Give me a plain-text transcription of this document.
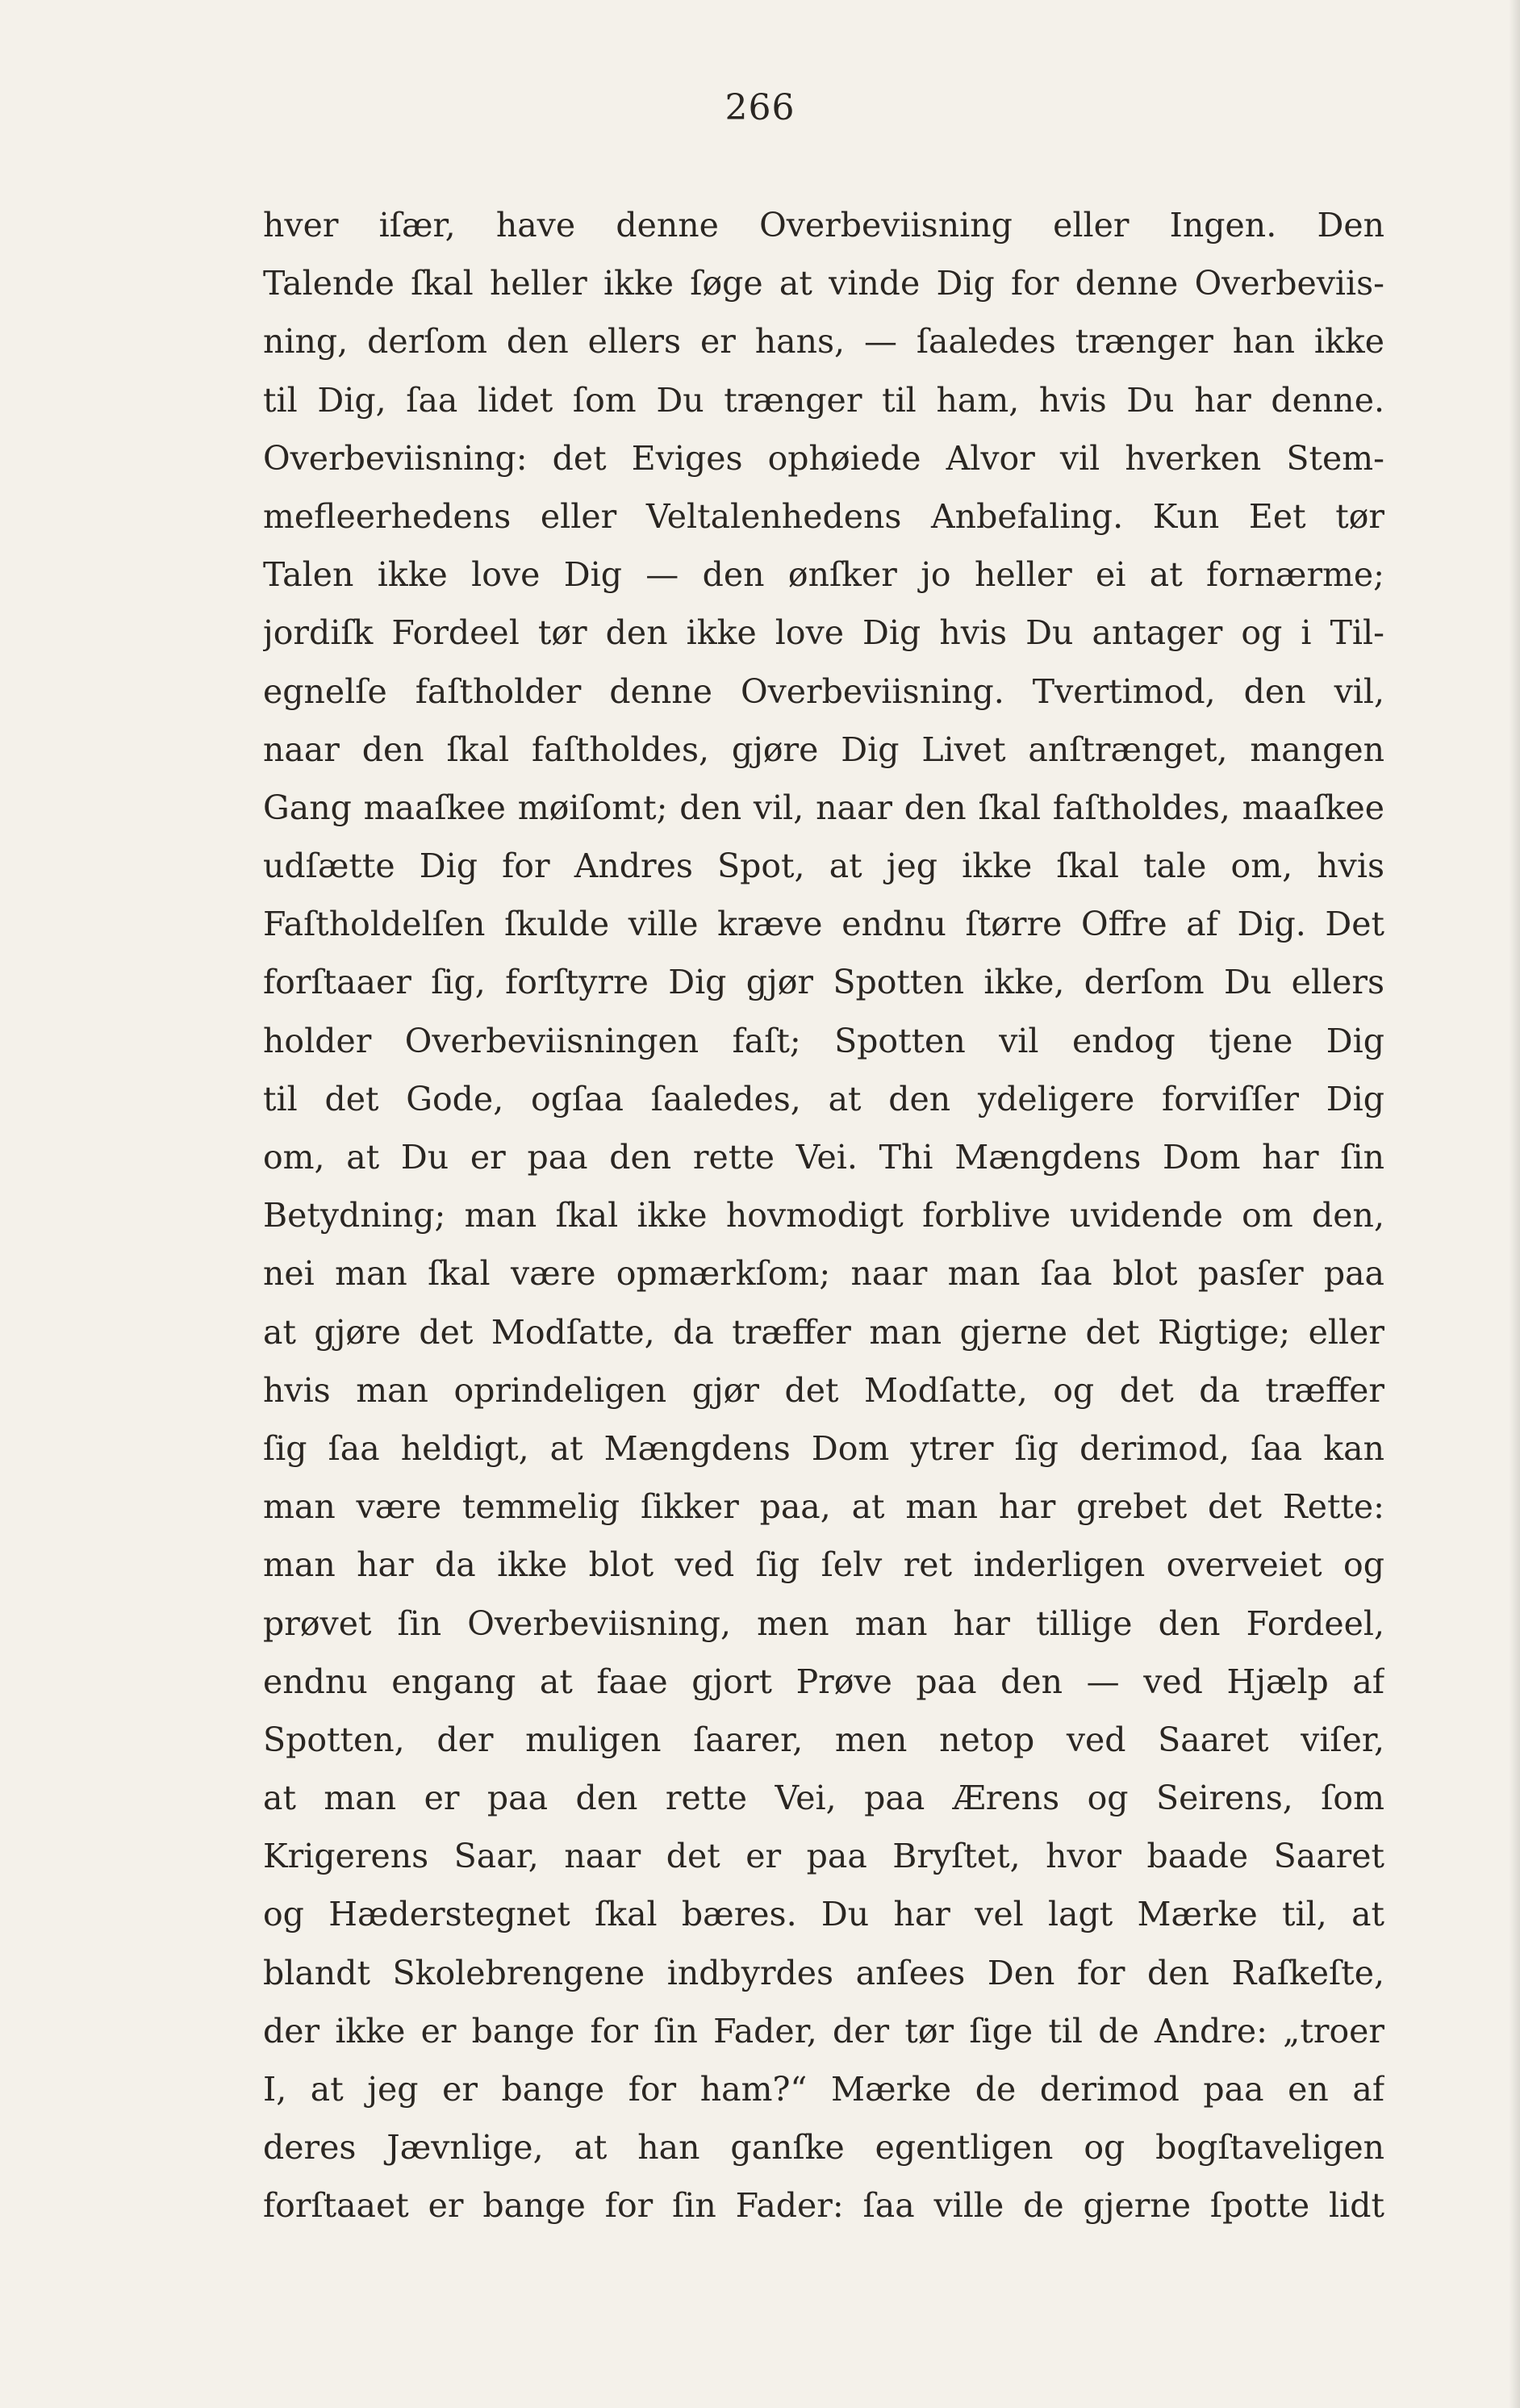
266
hver iſær, have denne Overbeviisning eller Ingen. Den
Talende ſkal heller ikke ſøge at vinde Dig for denne Overbeviis-
ning, derſom den ellers er hans, — ſaaledes trænger han ikke
til Dig, ſaa lidet ſom Du trænger til ham, hvis Du har denne.
Overbeviisning: det Eviges ophøiede Alvor vil hverken Stem-
mefleerhedens eller Veltalenhedens Anbefaling. Kun Eet tør
Talen ikke love Dig — den ønſker jo heller ei at fornærme;
jordiſk Fordeel tør den ikke love Dig hvis Du antager og i Til-
egnelſe faſtholder denne Overbeviisning. Tvertimod, den vil,
naar den ſkal faſtholdes, gjøre Dig Livet anſtrænget, mangen
Gang maaſkee møiſomt; den vil, naar den ſkal faſtholdes, maaſkee
udſætte Dig for Andres Spot, at jeg ikke ſkal tale om, hvis
Faſtholdelſen ſkulde ville kræve endnu ſtørre Offre af Dig. Det
forſtaaer ſig, forſtyrre Dig gjør Spotten ikke, derſom Du ellers
holder Overbeviisningen faſt; Spotten vil endog tjene Dig
til det Gode, ogſaa ſaaledes, at den ydeligere forviſſer Dig
om, at Du er paa den rette Vei. Thi Mængdens Dom har ſin
Betydning; man ſkal ikke hovmodigt forblive uvidende om den,
nei man ſkal være opmærkſom; naar man ſaa blot pasſer paa
at gjøre det Modſatte, da træffer man gjerne det Rigtige; eller
hvis man oprindeligen gjør det Modſatte, og det da træffer
ſig ſaa heldigt, at Mængdens Dom ytrer ſig derimod, ſaa kan
man være temmelig ſikker paa, at man har grebet det Rette:
man har da ikke blot ved ſig ſelv ret inderligen overveiet og
prøvet ſin Overbeviisning, men man har tillige den Fordeel,
endnu engang at faae gjort Prøve paa den — ved Hjælp af
Spotten, der muligen ſaarer, men netop ved Saaret viſer,
at man er paa den rette Vei, paa Ærens og Seirens, ſom
Krigerens Saar, naar det er paa Bryſtet, hvor baade Saaret
og Hæderstegnet ſkal bæres. Du har vel lagt Mærke til, at
blandt Skolebrengene indbyrdes anſees Den for den Raſkeſte,
der ikke er bange for ſin Fader, der tør ſige til de Andre: „troer
I, at jeg er bange for ham?“ Mærke de derimod paa en af
deres Jævnlige, at han ganſke egentligen og bogſtaveligen
forſtaaet er bange for ſin Fader: ſaa ville de gjerne ſpotte lidt
